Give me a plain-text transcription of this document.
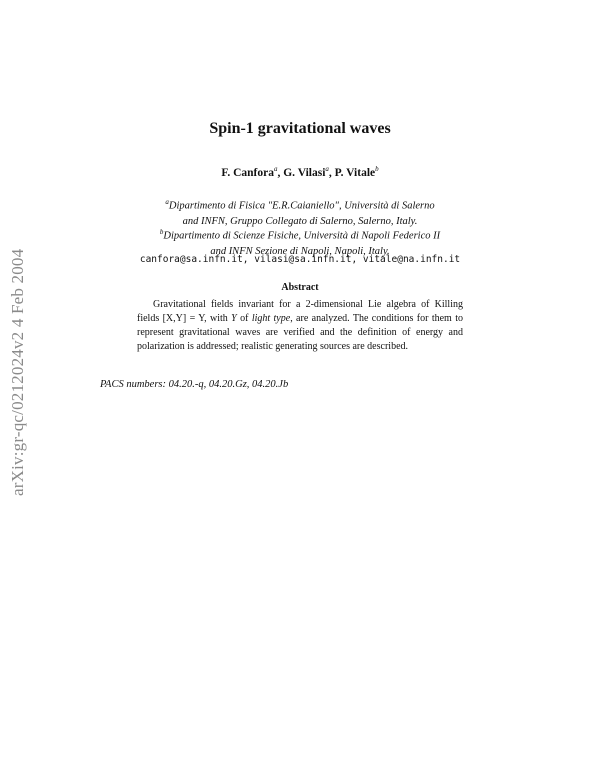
arXiv:gr-qc/0212024v2 4 Feb 2004
Spin-1 gravitational waves
F. Canfora$^a$, G. Vilasi$^a$, P. Vitale$^b$
$^a$Dipartimento di Fisica "E.R.Caianiello", Università di Salerno
and INFN, Gruppo Collegato di Salerno, Salerno, Italy.
$^b$Dipartimento di Scienze Fisiche, Università di Napoli Federico II
and INFN Sezione di Napoli, Napoli, Italy.
canfora@sa.infn.it, vilasi@sa.infn.it, vitale@na.infn.it
Abstract

Gravitational fields invariant for a 2-dimensional Lie algebra of Killing fields [X,Y] = Y, with Y of light type, are analyzed. The conditions for them to represent gravitational waves are verified and the definition of energy and polarization is addressed; realistic generating sources are described.

PACS numbers: 04.20.-q, 04.20.Gz, 04.20.Jb
